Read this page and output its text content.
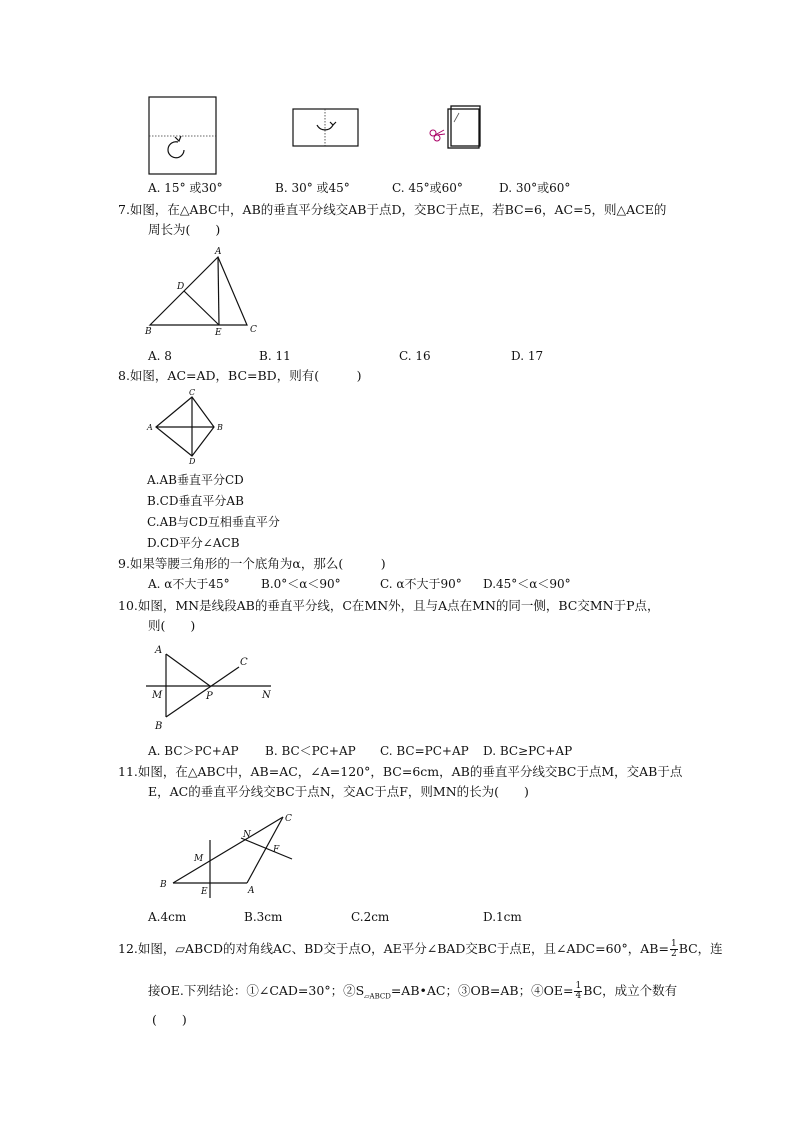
A. 15° 或30°	B. 30° 或45°	C. 45°或60°	D. 30°或60°
7.如图，在△ABC中，AB的垂直平分线交AB于点D，交BC于点E，若BC=6，AC=5，则△ACE的
周长为(　　)
A
D
B	E	C
A. 8	B. 11	C. 16	D. 17
8.如图，AC=AD，BC=BD，则有(　　　)
C
A	B
D
A.AB垂直平分CD
B.CD垂直平分AB
C.AB与CD互相垂直平分
D.CD平分∠ACB
9.如果等腰三角形的一个底角为α，那么(　　　)
A. α不大于45°	B.0°＜α＜90°	C. α不大于90° D.45°＜α＜90°
10.如图，MN是线段AB的垂直平分线，C在MN外，且与A点在MN的同一侧，BC交MN于P点，
则(　　)
A
C
M	P	N
B
A. BC＞PC+AP B. BC＜PC+AP C. BC=PC+AP D. BC≥PC+AP
11.如图，在△ABC中，AB=AC，∠A=120°，BC=6cm，AB的垂直平分线交BC于点M，交AB于点
E，AC的垂直平分线交BC于点N，交AC于点F，则MN的长为(　　)
C
N
F
M
B
E	A
A.4cm	B.3cm	C.2cm	D.1cm
12.如图，▱ABCD的对角线AC、BD交于点O，AE平分∠BAD交BC于点E，且∠ADC=60°，$AB= \frac{1}{2}$ BC，连
接OE.下列结论：①∠CAD=30°；$②S_{▱ABCD}=AB•AC$；③OB=AB；④OE= $\frac{1}{4}$ BC，成立个数有
(　　)
